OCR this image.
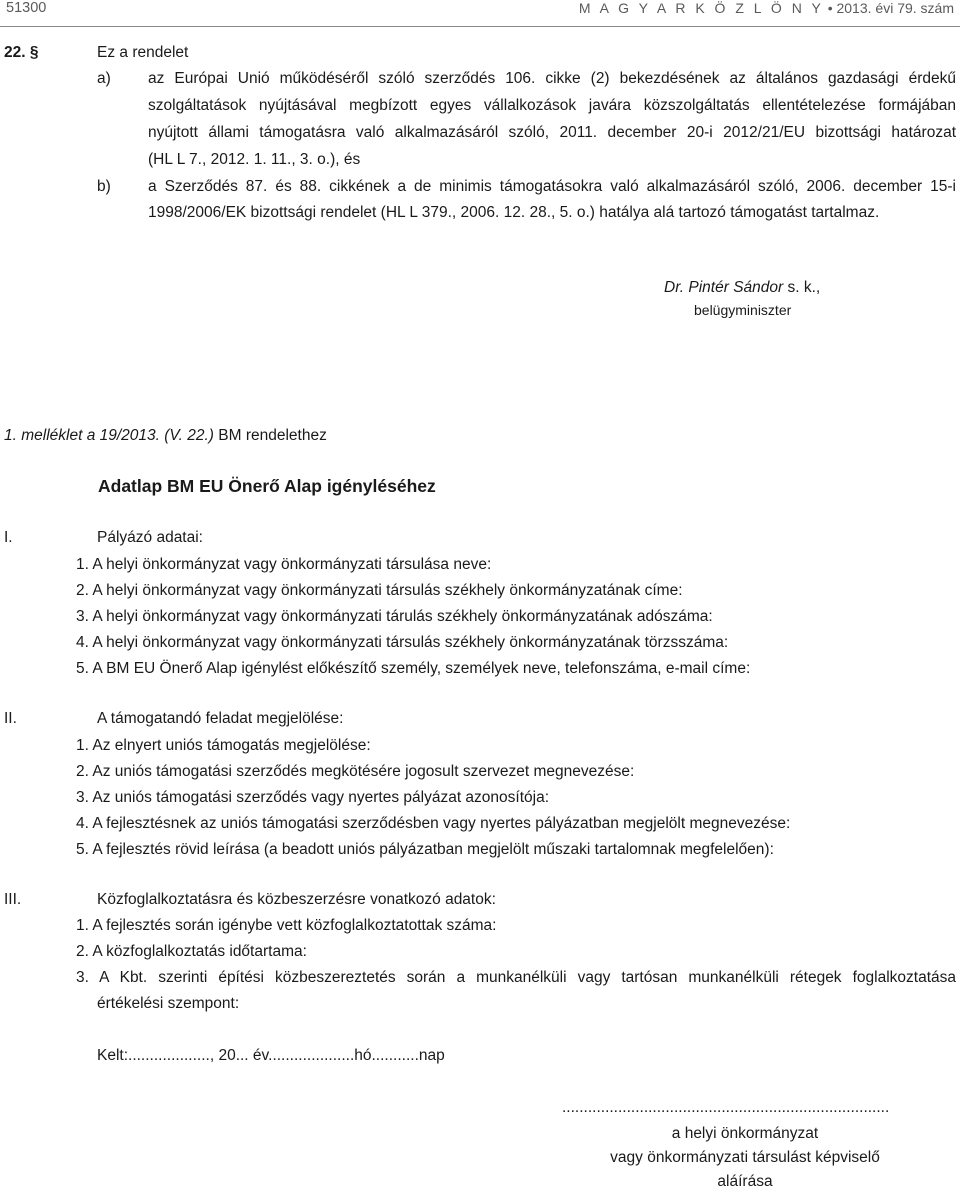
51300	M A G Y A R K Ö Z L Ö N Y • 2013. évi 79. szám
22. §	Ez a rendelet
a) az Európai Unió működéséről szóló szerződés 106. cikke (2) bekezdésének az általános gazdasági érdekű
szolgáltatások nyújtásával megbízott egyes vállalkozások javára közszolgáltatás ellentételezése formájában
nyújtott állami támogatásra való alkalmazásáról szóló, 2011. december 20-i 2012/21/EU bizottsági határozat
(HL L 7., 2012. 1. 11., 3. o.), és
b) a Szerződés 87. és 88. cikkének a de minimis támogatásokra való alkalmazásáról szóló, 2006. december 15-i
1998/2006/EK bizottsági rendelet (HL L 379., 2006. 12. 28., 5. o.) hatálya alá tartozó támogatást tartalmaz.
Dr. Pintér Sándor s. k.,
belügyminiszter
1. melléklet a 19/2013. (V. 22.) BM rendelethez
Adatlap BM EU Önerő Alap igényléséhez
I.	Pályázó adatai:
1. A helyi önkormányzat vagy önkormányzati társulása neve:
2. A helyi önkormányzat vagy önkormányzati társulás székhely önkormányzatának címe:
3. A helyi önkormányzat vagy önkormányzati tárulás székhely önkormányzatának adószáma:
4. A helyi önkormányzat vagy önkormányzati társulás székhely önkormányzatának törzsszáma:
5. A BM EU Önerő Alap igénylést előkészítő személy, személyek neve, telefonszáma, e-mail címe:
II.	A támogatandó feladat megjelölése:
1. Az elnyert uniós támogatás megjelölése:
2. Az uniós támogatási szerződés megkötésére jogosult szervezet megnevezése:
3. Az uniós támogatási szerződés vagy nyertes pályázat azonosítója:
4. A fejlesztésnek az uniós támogatási szerződésben vagy nyertes pályázatban megjelölt megnevezése:
5. A fejlesztés rövid leírása (a beadott uniós pályázatban megjelölt műszaki tartalomnak megfelelően):
III.	Közfoglalkoztatásra és közbeszerzésre vonatkozó adatok:
1. A fejlesztés során igénybe vett közfoglalkoztatottak száma:
2. A közfoglalkoztatás időtartama:
3. A Kbt. szerinti építési közbeszereztetés során a munkanélküli vagy tartósan munkanélküli rétegek foglalkoztatása
értékelési szempont:
Kelt:..................., 20... év....................hó...........nap
............................................................................
a helyi önkormányzat
vagy önkormányzati társulást képviselő
aláírása
